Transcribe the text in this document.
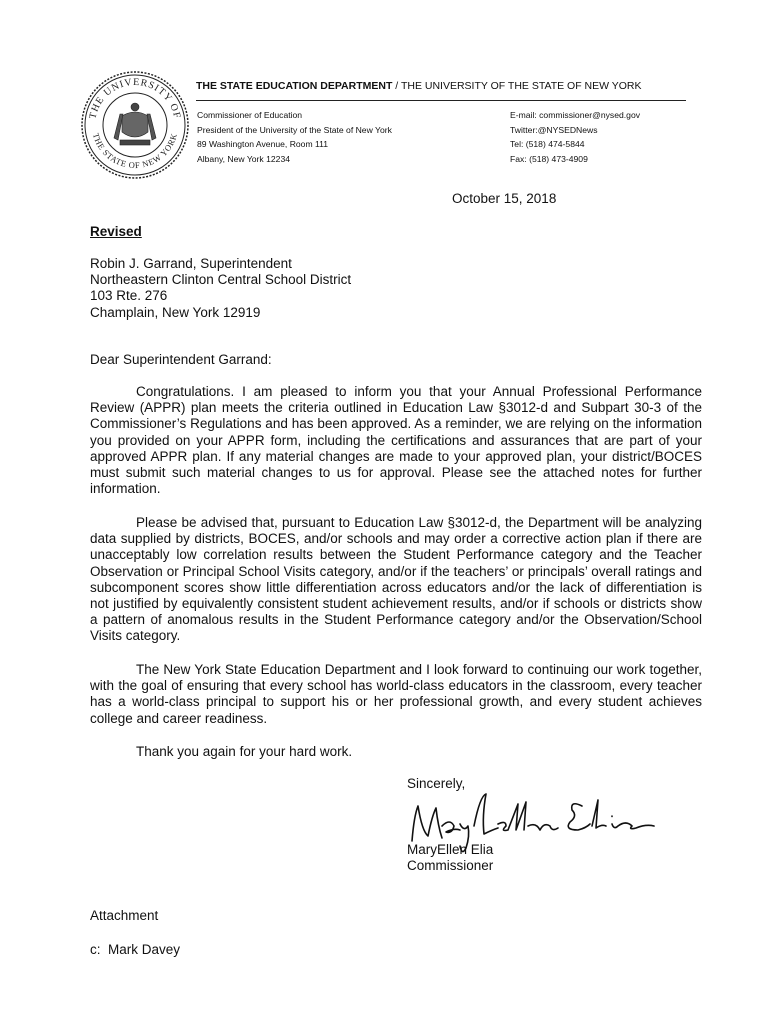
THE UNIVERSITY OF
THE STATE OF NEW YORK
THE STATE EDUCATION DEPARTMENT / THE UNIVERSITY OF THE STATE OF NEW YORK
Commissioner of Education
President of the University of the State of New York
89 Washington Avenue, Room 111
Albany, New York 12234
E-mail: commissioner@nysed.gov
Twitter:@NYSEDNews
Tel: (518) 474-5844
Fax: (518) 473-4909
October 15, 2018
Revised
Robin J. Garrand, Superintendent
Northeastern Clinton Central School District
103 Rte. 276
Champlain, New York 12919
Dear Superintendent Garrand:

Congratulations. I am pleased to inform you that your Annual Professional Performance Review (APPR) plan meets the criteria outlined in Education Law §3012-d and Subpart 30-3 of the Commissioner’s Regulations and has been approved. As a reminder, we are relying on the information you provided on your APPR form, including the certifications and assurances that are part of your approved APPR plan. If any material changes are made to your approved plan, your district/BOCES must submit such material changes to us for approval. Please see the attached notes for further information.

Please be advised that, pursuant to Education Law §3012-d, the Department will be analyzing data supplied by districts, BOCES, and/or schools and may order a corrective action plan if there are unacceptably low correlation results between the Student Performance category and the Teacher Observation or Principal School Visits category, and/or if the teachers’ or principals’ overall ratings and subcomponent scores show little differentiation across educators and/or the lack of differentiation is not justified by equivalently consistent student achievement results, and/or if schools or districts show a pattern of anomalous results in the Student Performance category and/or the Observation/School Visits category.

The New York State Education Department and I look forward to continuing our work together, with the goal of ensuring that every school has world-class educators in the classroom, every teacher has a world-class principal to support his or her professional growth, and every student achieves college and career readiness.

Thank you again for your hard work.

Sincerely,
MaryEllen Elia
Commissioner
Attachment
c:  Mark Davey
